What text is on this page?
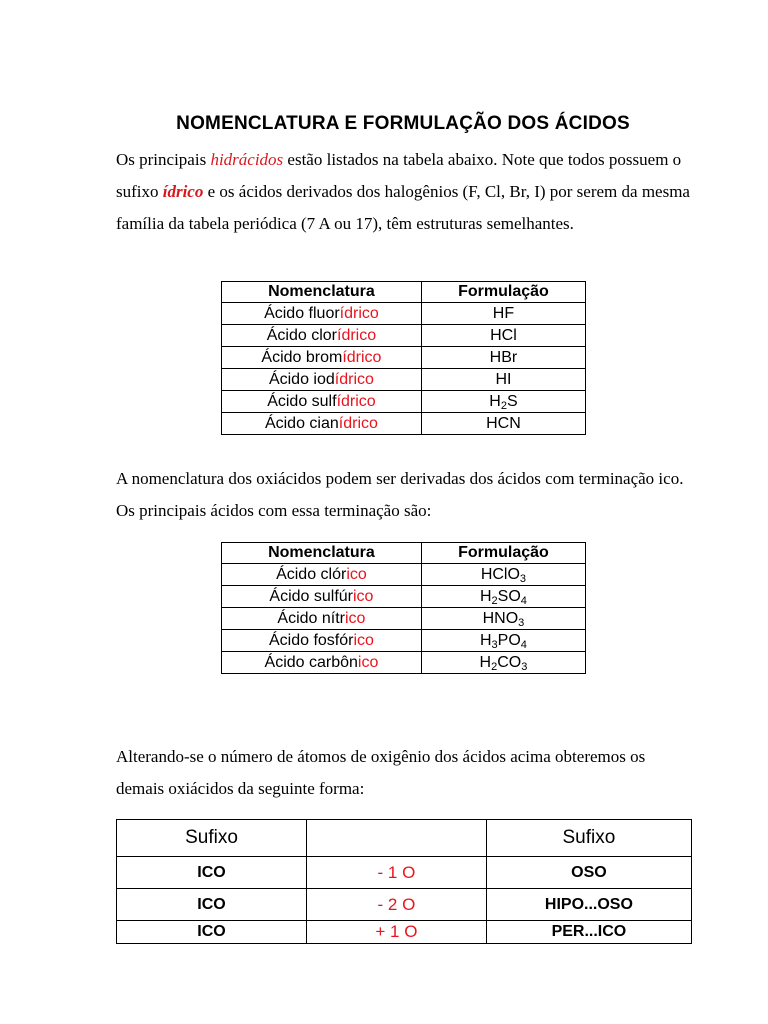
NOMENCLATURA E FORMULAÇÃO DOS ÁCIDOS

Os principais hidrácidos estão listados na tabela abaixo. Note que todos possuem o sufixo ídrico e os ácidos derivados dos halogênios (F, Cl, Br, I) por serem da mesma família da tabela periódica (7 A ou 17), têm estruturas semelhantes.

Nomenclatura	Formulação
Ácido fluorídrico	HF
Ácido clorídrico	HCl
Ácido bromídrico	HBr
Ácido iodídrico	HI
Ácido sulfídrico	$H_2S$
Ácido cianídrico	HCN

A nomenclatura dos oxiácidos podem ser derivadas dos ácidos com terminação ico. Os principais ácidos com essa terminação são:

Nomenclatura	Formulação
Ácido clórico	HClO$_3$
Ácido sulfúrico	$H_2SO_4$
Ácido nítrico	$HNO_3$
Ácido fosfórico	$H_3PO_4$
Ácido carbônico	$H_2CO_3$

Alterando-se o número de átomos de oxigênio dos ácidos acima obteremos os demais oxiácidos da seguinte forma:

Sufixo		Sufixo
ICO	- 1 O	OSO
ICO	- 2 O	HIPO...OSO
ICO	+ 1 O	PER...ICO
